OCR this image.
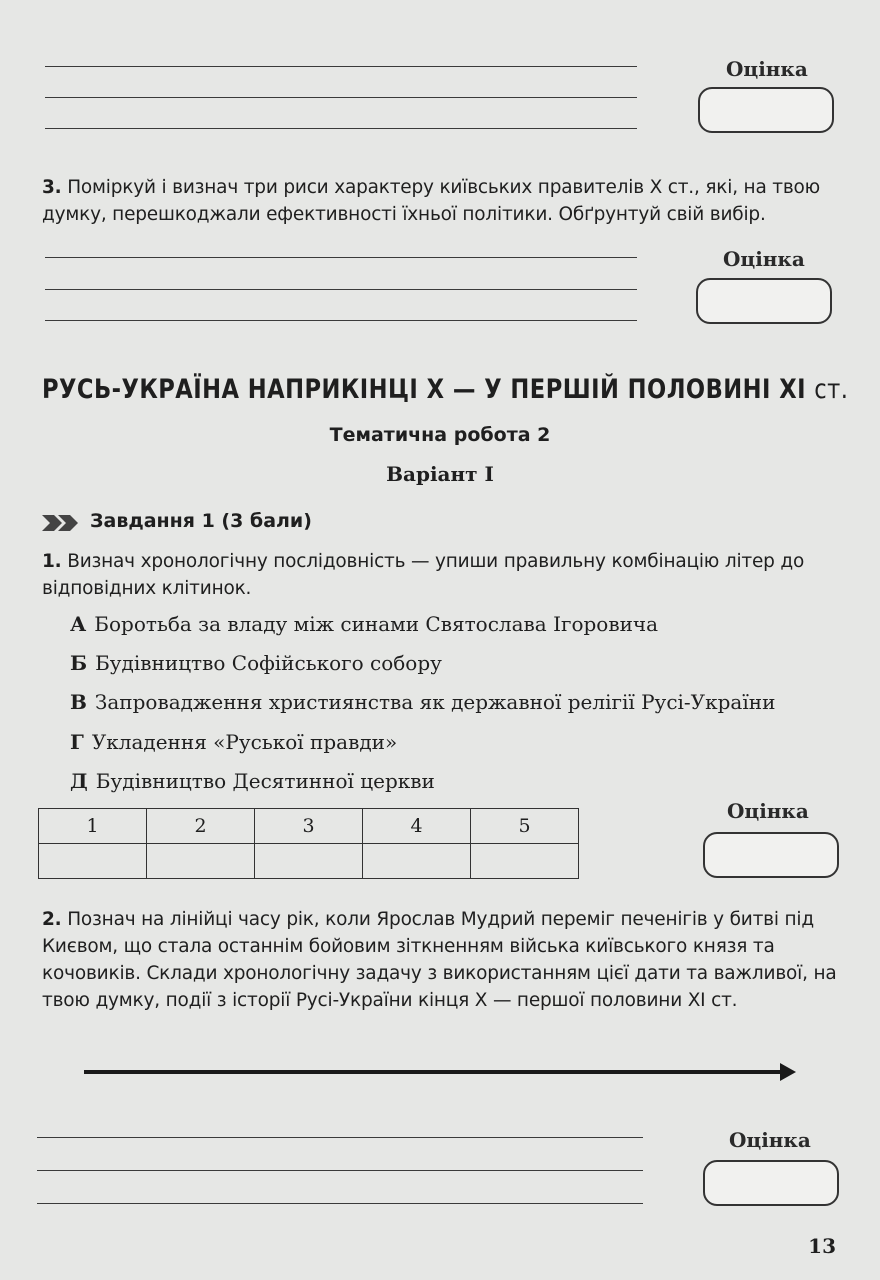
Оцінка
3. Поміркуй і визнач три риси характеру київських правителів X ст., які, на твою думку, перешкоджали ефективності їхньої політики. Обґрунтуй свій вибір.
Оцінка
РУСЬ-УКРАЇНА НАПРИКІНЦІ X — У ПЕРШІЙ ПОЛОВИНІ XI ст.
Тематична робота 2
Варіант I
Завдання 1 (3 бали)
1. Визнач хронологічну послідовність — упиши правильну комбінацію літер до відповідних клітинок.
А Боротьба за владу між синами Святослава Ігоровича
Б Будівництво Софійського собору
В Запровадження християнства як державної релігії Русі-України
Г Укладення «Руської правди»
Д Будівництво Десятинної церкви
1	2	3	4	5

Оцінка
2. Познач на лінійці часу рік, коли Ярослав Мудрий переміг печенігів у битві під Києвом, що стала останнім бойовим зіткненням війська київського князя та кочовиків. Склади хронологічну задачу з використанням цієї дати та важливої, на твою думку, події з історії Русі-України кінця X — першої половини XI ст.
Оцінка
13
